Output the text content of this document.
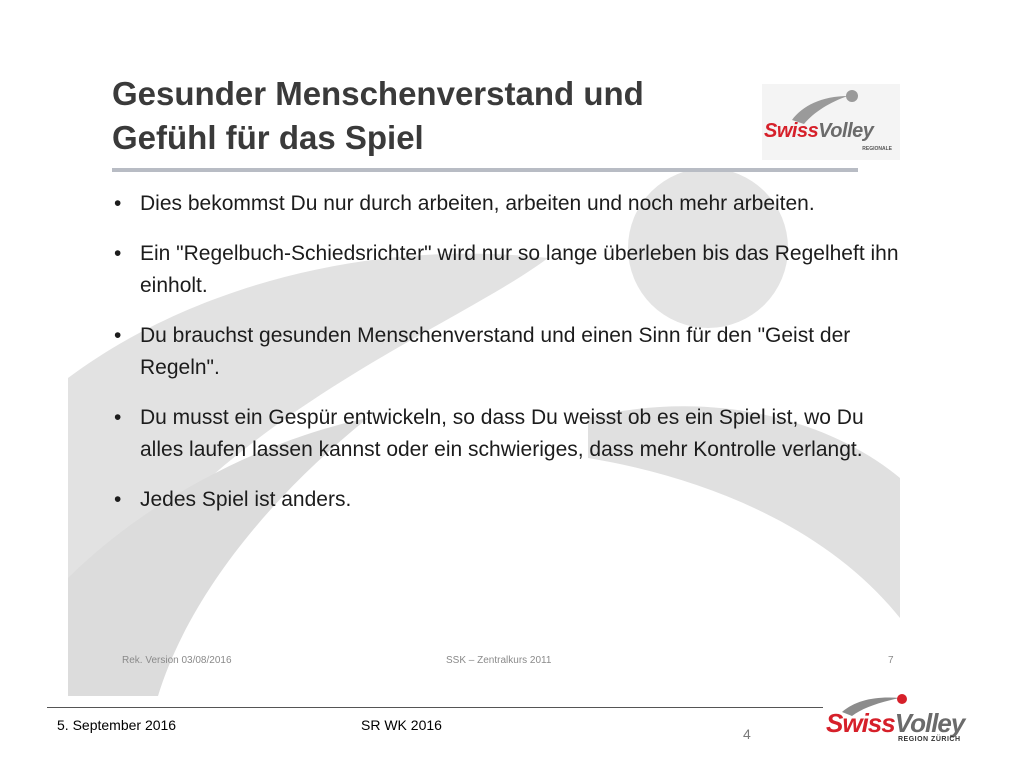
Gesunder Menschenverstand und
Gefühl für das Spiel	SwissVolley
REGIONALE
• Dies bekommst Du nur durch arbeiten, arbeiten und noch mehr arbeiten.
• Ein "Regelbuch-Schiedsrichter" wird nur so lange überleben bis das Regelheft ihn einholt.
• Du brauchst gesunden Menschenverstand und einen Sinn für den "Geist der Regeln".
• Du musst ein Gespür entwickeln, so dass Du weisst ob es ein Spiel ist, wo Du alles laufen lassen kannst oder ein schwieriges, dass mehr Kontrolle verlangt.
• Jedes Spiel ist anders.
Rek. Version 03/08/2016	SSK – Zentralkurs 2011	7
5. September 2016	SR WK 2016
4	SwissVolley
REGION ZÜRICH
